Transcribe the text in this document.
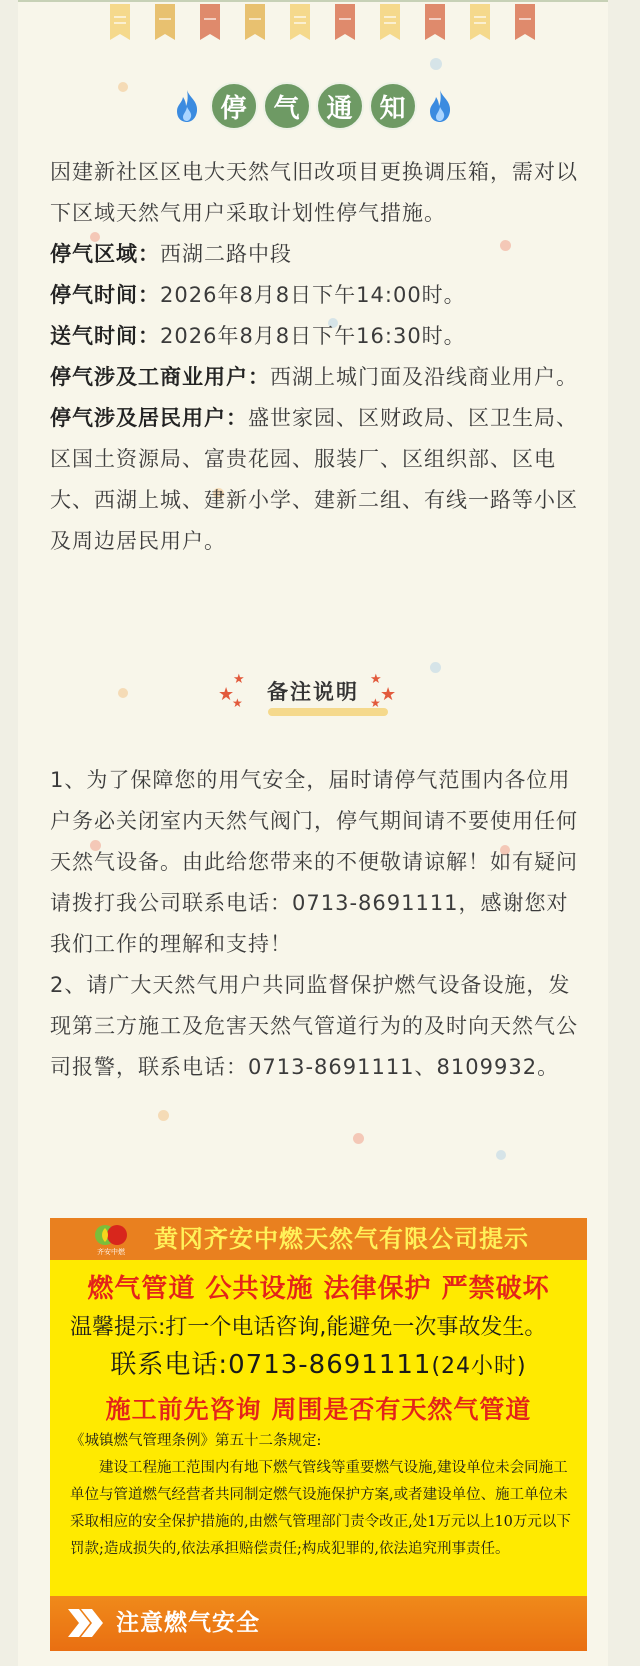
停	气	通	知

因建新社区区电大天然气旧改项目更换调压箱，需对以下区域天然气用户采取计划性停气措施。

停气区域：西湖二路中段

停气时间：2026年8月8日下午14:00时。

送气时间：2026年8月8日下午16:30时。

停气涉及工商业用户：西湖上城门面及沿线商业用户。

停气涉及居民用户：盛世家园、区财政局、区卫生局、区国土资源局、富贵花园、服装厂、区组织部、区电大、西湖上城、建新小学、建新二组、有线一路等小区及周边居民用户。

★
★
★ 备注说明 ★
★
★

1、为了保障您的用气安全，届时请停气范围内各位用户务必关闭室内天然气阀门，停气期间请不要使用任何天然气设备。由此给您带来的不便敬请谅解！如有疑问请拨打我公司联系电话：0713-8691111，感谢您对我们工作的理解和支持！

2、请广大天然气用户共同监督保护燃气设备设施，发现第三方施工及危害天然气管道行为的及时向天然气公司报警，联系电话：0713-8691111、8109932。

齐安中燃 黄冈齐安中燃天然气有限公司提示
燃气管道 公共设施 法律保护 严禁破坏
温馨提示:打一个电话咨询,能避免一次事故发生。
联系电话:0713-8691111(24小时)
施工前先咨询 周围是否有天然气管道

《城镇燃气管理条例》第五十二条规定:

建设工程施工范围内有地下燃气管线等重要燃气设施,建设单位未会同施工单位与管道燃气经营者共同制定燃气设施保护方案,或者建设单位、施工单位未采取相应的安全保护措施的,由燃气管理部门责令改正,处1万元以上10万元以下罚款;造成损失的,依法承担赔偿责任;构成犯罪的,依法追究刑事责任。

注意燃气安全
